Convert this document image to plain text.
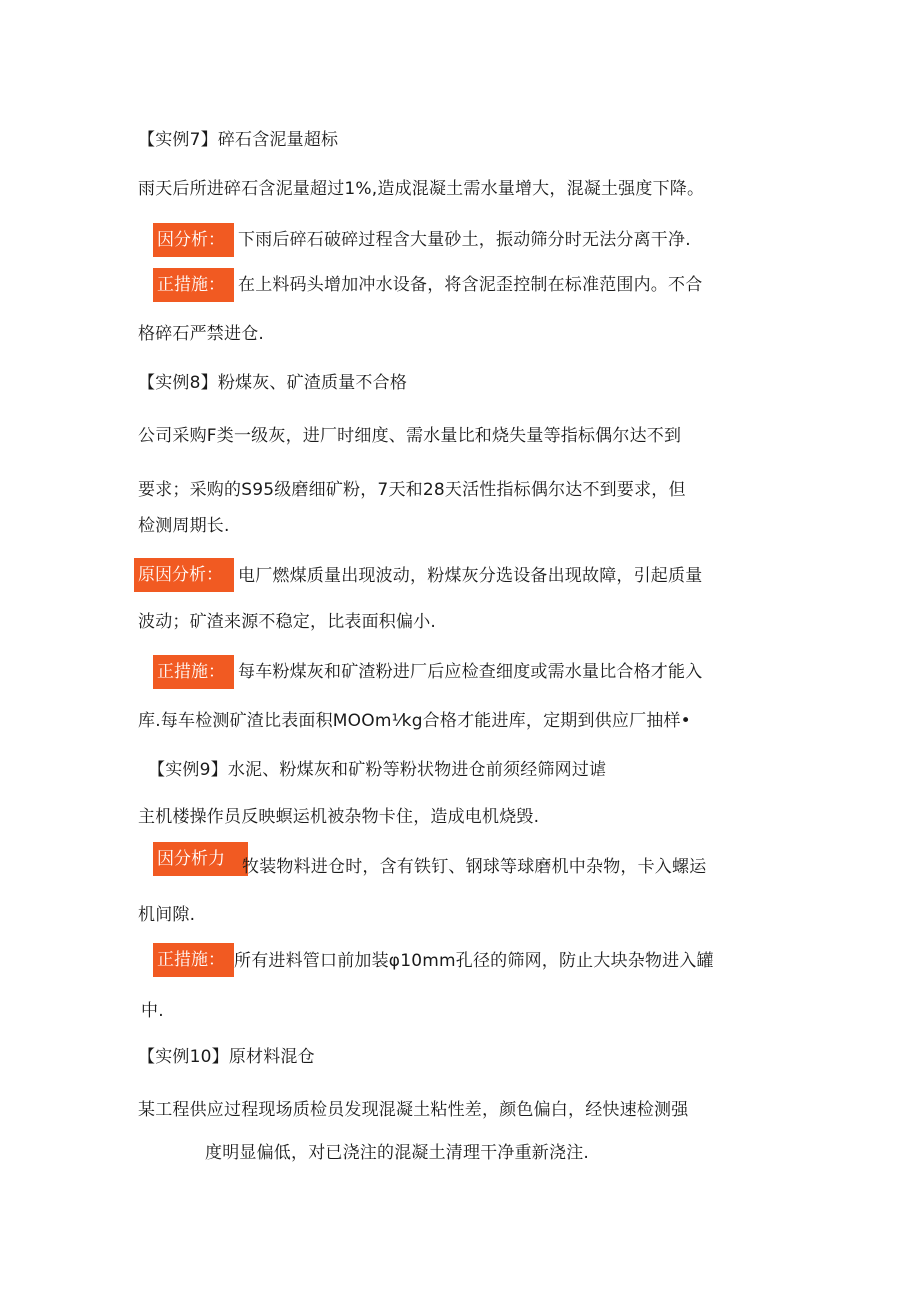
【实例7】碎石含泥量超标
雨天后所进碎石含泥量超过1%,造成混凝土需水量增大，混凝土强度下降。
因分析： 下雨后碎石破碎过程含大量砂土，振动筛分时无法分离干净.
正措施： 在上料码头增加冲水设备，将含泥歪控制在标准范围内。不合
格碎石严禁进仓.
【实例8】粉煤灰、矿渣质量不合格
公司采购F类一级灰，进厂时细度、需水量比和烧失量等指标偶尔达不到
要求；采购的S95级磨细矿粉，7天和28天活性指标偶尔达不到要求，但
检测周期长.
原因分析： 电厂燃煤质量出现波动，粉煤灰分选设备出现故障，引起质量
波动；矿渣来源不稳定，比表面积偏小.
正措施： 每车粉煤灰和矿渣粉进厂后应检查细度或需水量比合格才能入
库.每车检测矿渣比表面积MOOm¹⁄kg合格才能进库，定期到供应厂抽样•
【实例9】水泥、粉煤灰和矿粉等粉状物进仓前须经筛网过谑
主机楼操作员反映螟运机被杂物卡住，造成电机烧毁.
因分析力	牧装物料进仓时，含有铁钉、钢球等球磨机中杂物，卡入螺运
机间隙.
正措施： 所有进料管口前加装φ10mm孔径的筛网，防止大块杂物进入罐
中.
【实例10】原材料混仓
某工程供应过程现场质检员发现混凝土粘性差，颜色偏白，经快速检测强
度明显偏低，对已浇注的混凝土清理干净重新浇注.
